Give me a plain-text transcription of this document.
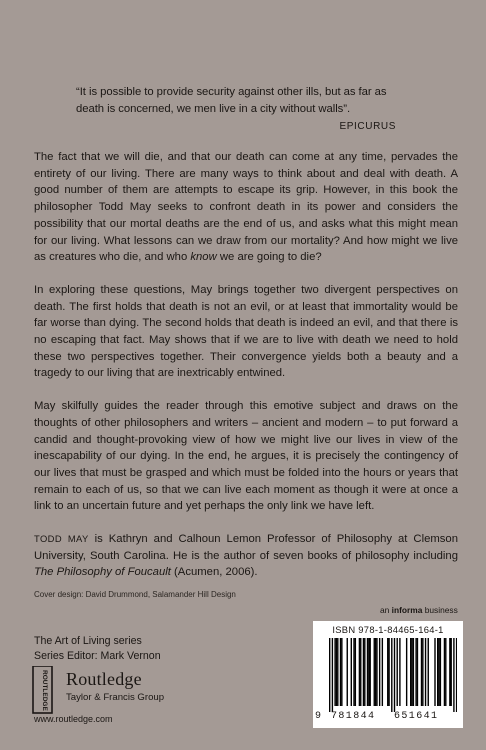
“It is possible to provide security against other ills, but as far as
death is concerned, we men live in a city without walls”.
EPICURUS

The fact that we will die, and that our death can come at any time, pervades the entirety of our living. There are many ways to think about and deal with death. A good number of them are attempts to escape its grip. However, in this book the philosopher Todd May seeks to confront death in its power and considers the possibility that our mortal deaths are the end of us, and asks what this might mean for our living. What lessons can we draw from our mortality? And how might we live as creatures who die, and who know we are going to die?

In exploring these questions, May brings together two divergent perspectives on death. The first holds that death is not an evil, or at least that immortality would be far worse than dying. The second holds that death is indeed an evil, and that there is no escaping that fact. May shows that if we are to live with death we need to hold these two perspectives together. Their convergence yields both a beauty and a tragedy to our living that are inextricably entwined.

May skilfully guides the reader through this emotive subject and draws on the thoughts of other philosophers and writers – ancient and modern – to put forward a candid and thought-provoking view of how we might live our lives in view of the inescapability of our dying. In the end, he argues, it is precisely the contingency of our lives that must be grasped and which must be folded into the hours or years that remain to each of us, so that we can live each moment as though it were at once a link to an uncertain future and yet perhaps the only link we have left.

TODD MAY is Kathryn and Calhoun Lemon Professor of Philosophy at Clemson University, South Carolina. He is the author of seven books of philosophy including The Philosophy of Foucault (Acumen, 2006).

Cover design: David Drummond, Salamander Hill Design
The Art of Living series
Series Editor: Mark Vernon
ROUTLEDGE Routledge
Taylor & Francis Group
www.routledge.com
an informa business
ISBN 978-1-84465-164-1
9 781844 651641
